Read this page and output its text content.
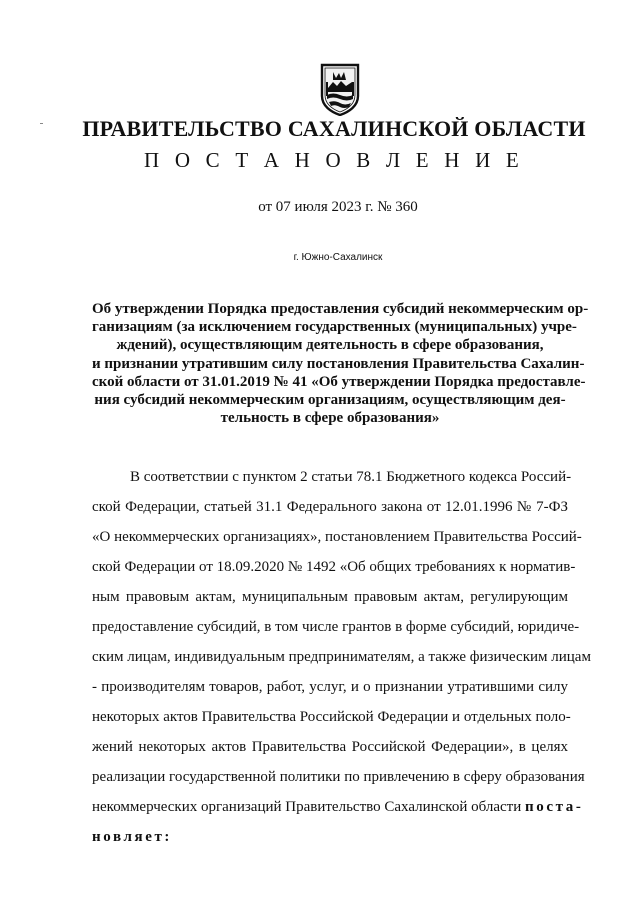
ПРАВИТЕЛЬСТВО САХАЛИНСКОЙ ОБЛАСТИ
П О С Т А Н О В Л Е Н И Е
от 07 июля 2023 г. № 360
г. Южно-Сахалинск
Об утверждении Порядка предоставления субсидий некоммерческим ор-
ганизациям (за исключением государственных (муниципальных) учре-
ждений), осуществляющим деятельность в сфере образования,
и признании утратившим силу постановления Правительства Сахалин-
ской области от 31.01.2019 № 41 «Об утверждении Порядка предоставле-
ния субсидий некоммерческим организациям, осуществляющим дея-
тельность в сфере образования»
В соответствии с пунктом 2 статьи 78.1 Бюджетного кодекса Россий-
ской Федерации, статьей 31.1 Федерального закона от 12.01.1996 № 7-ФЗ
«О некоммерческих организациях», постановлением Правительства Россий-
ской Федерации от 18.09.2020 № 1492 «Об общих требованиях к норматив-
ным правовым актам, муниципальным правовым актам, регулирующим
предоставление субсидий, в том числе грантов в форме субсидий, юридиче-
ским лицам, индивидуальным предпринимателям, а также физическим лицам
- производителям товаров, работ, услуг, и о признании утратившими силу
некоторых актов Правительства Российской Федерации и отдельных поло-
жений некоторых актов Правительства Российской Федерации», в целях
реализации государственной политики по привлечению в сферу образования
некоммерческих организаций Правительство Сахалинской области поста-
новляет:
